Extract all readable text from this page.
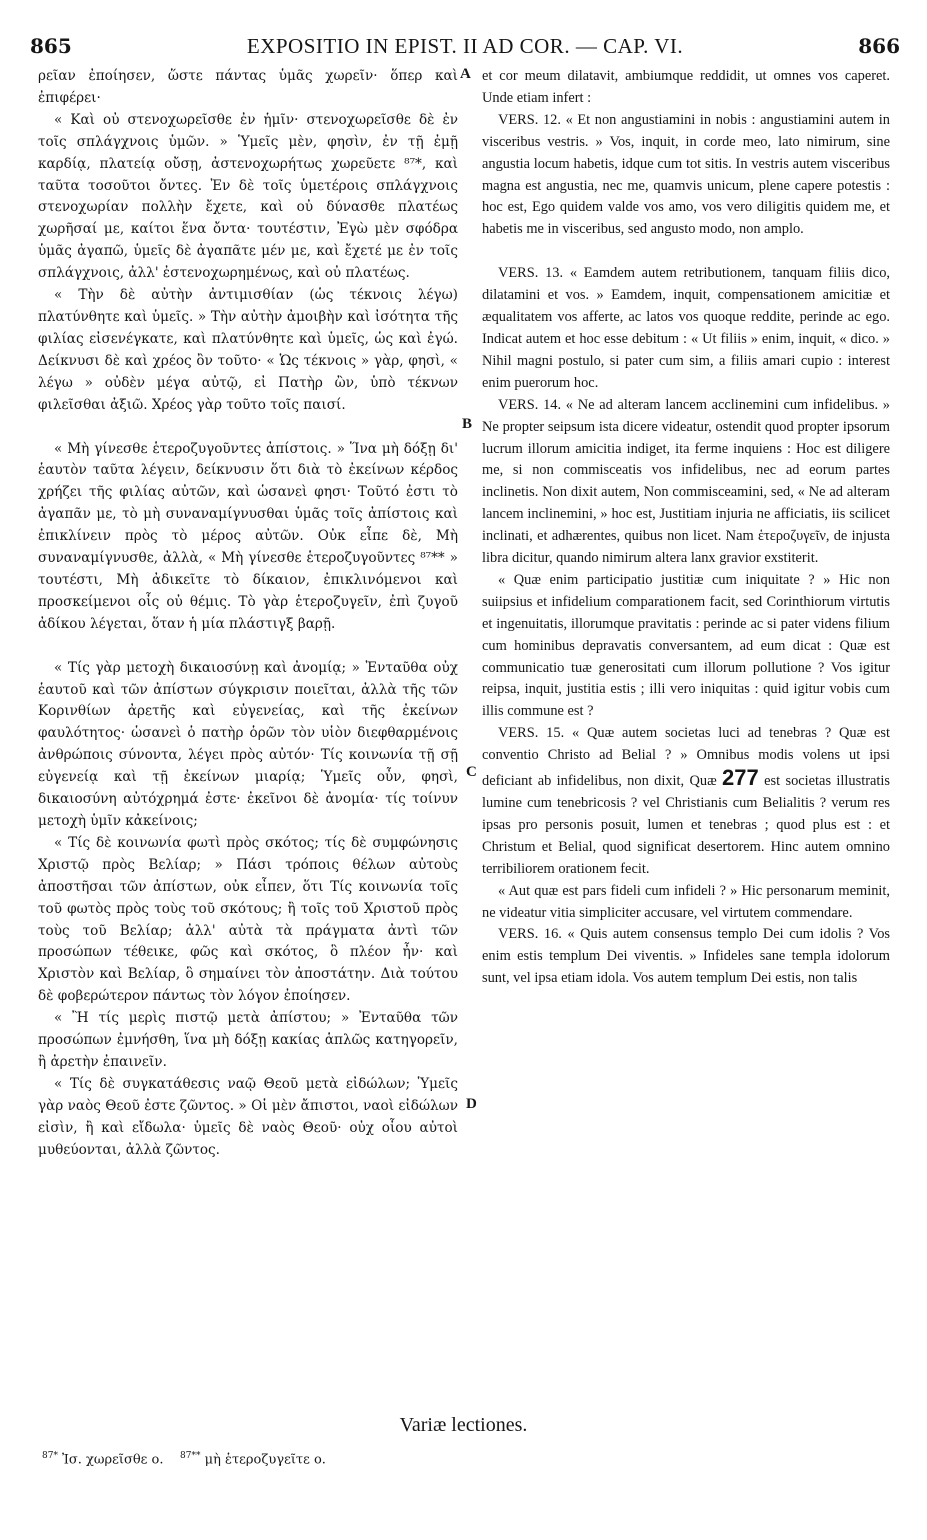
865	EXPOSITIO IN EPIST. II AD COR. — CAP. VI.	866

ρεῖαν ἐποίησεν, ὥστε πάντας ὑμᾶς χωρεῖν· ὅπερ καὶ ἐπιφέρει·

« Καὶ οὐ στενοχωρεῖσθε ἐν ἡμῖν· στενοχωρεῖσθε δὲ ἐν τοῖς σπλάγχνοις ὑμῶν. » Ὑμεῖς μὲν, φησὶν, ἐν τῇ ἐμῇ καρδίᾳ, πλατείᾳ οὔσῃ, ἀστενοχωρήτως χωρεῦετε ⁸⁷*, καὶ ταῦτα τοσοῦτοι ὄντες. Ἐν δὲ τοῖς ὑμετέροις σπλάγχνοις στενοχωρίαν πολλὴν ἔχετε, καὶ οὐ δύνασθε πλατέως χωρῆσαί με, καίτοι ἕνα ὄντα· τουτέστιν, Ἐγὼ μὲν σφόδρα ὑμᾶς ἀγαπῶ, ὑμεῖς δὲ ἀγαπᾶτε μέν με, καὶ ἔχετέ με ἐν τοῖς σπλάγχνοις, ἀλλ' ἐστενοχωρημένως, καὶ οὐ πλατέως.

« Τὴν δὲ αὐτὴν ἀντιμισθίαν (ὡς τέκνοις λέγω) πλατύνθητε καὶ ὑμεῖς. » Τὴν αὐτὴν ἀμοιβὴν καὶ ἰσότητα τῆς φιλίας εἰσενέγκατε, καὶ πλατύνθητε καὶ ὑμεῖς, ὡς καὶ ἐγώ. Δείκνυσι δὲ καὶ χρέος ὂν τοῦτο· « Ὡς τέκνοις » γὰρ, φησὶ, « λέγω » οὐδὲν μέγα αὐτῷ, εἰ Πατὴρ ὢν, ὑπὸ τέκνων φιλεῖσθαι ἀξιῶ. Χρέος γὰρ τοῦτο τοῖς παισί.

« Μὴ γίνεσθε ἑτεροζυγοῦντες ἀπίστοις. » Ἵνα μὴ δόξῃ δι' ἑαυτὸν ταῦτα λέγειν, δείκνυσιν ὅτι διὰ τὸ ἐκείνων κέρδος χρήζει τῆς φιλίας αὐτῶν, καὶ ὡσανεὶ φησι· Τοῦτό ἐστι τὸ ἀγαπᾶν με, τὸ μὴ συναναμίγνυσθαι ὑμᾶς τοῖς ἀπίστοις καὶ ἐπικλίνειν πρὸς τὸ μέρος αὐτῶν. Οὐκ εἶπε δὲ, Μὴ συναναμίγνυσθε, ἀλλὰ, « Μὴ γίνεσθε ἑτεροζυγοῦντες ⁸⁷** » τουτέστι, Μὴ ἀδικεῖτε τὸ δίκαιον, ἐπικλινόμενοι καὶ προσκείμενοι οἷς οὐ θέμις. Τὸ γὰρ ἑτεροζυγεῖν, ἐπὶ ζυγοῦ ἀδίκου λέγεται, ὅταν ἡ μία πλάστιγξ βαρῇ.

« Τίς γὰρ μετοχὴ δικαιοσύνῃ καὶ ἀνομίᾳ; » Ἐνταῦθα οὐχ ἑαυτοῦ καὶ τῶν ἀπίστων σύγκρισιν ποιεῖται, ἀλλὰ τῆς τῶν Κορινθίων ἀρετῆς καὶ εὐγενείας, καὶ τῆς ἐκείνων φαυλότητος· ὡσανεὶ ὁ πατὴρ ὁρῶν τὸν υἱὸν διεφθαρμένοις ἀνθρώποις σύνοντα, λέγει πρὸς αὐτόν· Τίς κοινωνία τῇ σῇ εὐγενείᾳ καὶ τῇ ἐκείνων μιαρίᾳ; Ὑμεῖς οὖν, φησὶ, δικαιοσύνη αὐτόχρημά ἐστε· ἐκεῖνοι δὲ ἀνομία· τίς τοίνυν μετοχὴ ὑμῖν κἀκείνοις;

« Τίς δὲ κοινωνία φωτὶ πρὸς σκότος; τίς δὲ συμφώνησις Χριστῷ πρὸς Βελίαρ; » Πάσι τρόποις θέλων αὐτοὺς ἀποστῆσαι τῶν ἀπίστων, οὐκ εἶπεν, ὅτι Τίς κοινωνία τοῖς τοῦ φωτὸς πρὸς τοὺς τοῦ σκότους; ἢ τοῖς τοῦ Χριστοῦ πρὸς τοὺς τοῦ Βελίαρ; ἀλλ' αὐτὰ τὰ πράγματα ἀντὶ τῶν προσώπων τέθεικε, φῶς καὶ σκότος, ὃ πλέον ἦν· καὶ Χριστὸν καὶ Βελίαρ, ὃ σημαίνει τὸν ἀποστάτην. Διὰ τούτου δὲ φοβερώτερον πάντως τὸν λόγον ἐποίησεν.

« Ἢ τίς μερὶς πιστῷ μετὰ ἀπίστου; » Ἐνταῦθα τῶν προσώπων ἐμνήσθη, ἵνα μὴ δόξῃ κακίας ἁπλῶς κατηγορεῖν, ἢ ἀρετὴν ἐπαινεῖν.

« Τίς δὲ συγκατάθεσις ναῷ Θεοῦ μετὰ εἰδώλων; Ὑμεῖς γὰρ ναὸς Θεοῦ ἐστε ζῶντος. » Οἱ μὲν ἄπιστοι, ναοὶ εἰδώλων εἰσὶν, ἢ καὶ εἴδωλα· ὑμεῖς δὲ ναὸς Θεοῦ· οὐχ οἷου αὐτοὶ μυθεύονται, ἀλλὰ ζῶντος.

A
B
C
D

et cor meum dilatavit, ambiumque reddidit, ut omnes vos caperet. Unde etiam infert :

VERS. 12. « Et non angustiamini in nobis : angustiamini autem in visceribus vestris. » Vos, inquit, in corde meo, lato nimirum, sine angustia locum habetis, idque cum tot sitis. In vestris autem visceribus magna est angustia, nec me, quamvis unicum, plene capere potestis : hoc est, Ego quidem valde vos amo, vos vero diligitis quidem me, et habetis me in visceribus, sed angusto modo, non amplo.

VERS. 13. « Eamdem autem retributionem, tanquam filiis dico, dilatamini et vos. » Eamdem, inquit, compensationem amicitiæ et æqualitatem vos afferte, ac latos vos quoque reddite, perinde ac ego. Indicat autem et hoc esse debitum : « Ut filiis » enim, inquit, « dico. » Nihil magni postulo, si pater cum sim, a filiis amari cupio : interest enim puerorum hoc.

VERS. 14. « Ne ad alteram lancem acclinemini cum infidelibus. » Ne propter seipsum ista dicere videatur, ostendit quod propter ipsorum lucrum illorum amicitia indiget, ita ferme inquiens : Hoc est diligere me, si non commisceatis vos infidelibus, nec ad eorum partes inclinetis. Non dixit autem, Non commisceamini, sed, « Ne ad alteram lancem inclinemini, » hoc est, Justitiam injuria ne afficiatis, iis scilicet inclinati, et adhærentes, quibus non licet. Nam ἑτεροζυγεῖν, de injusta libra dicitur, quando nimirum altera lanx gravior exstiterit.

« Quæ enim participatio justitiæ cum iniquitate ? » Hic non suiipsius et infidelium comparationem facit, sed Corinthiorum virtutis et ingenuitatis, illorumque pravitatis : perinde ac si pater videns filium cum hominibus depravatis conversantem, ad eum dicat : Quæ est communicatio tuæ generositati cum illorum pollutione ? Vos igitur reipsa, inquit, justitia estis ; illi vero iniquitas : quid igitur vobis cum illis commune est ?

VERS. 15. « Quæ autem societas luci ad tenebras ? Quæ est conventio Christo ad Belial ? » Omnibus modis volens ut ipsi deficiant ab infidelibus, non dixit, Quæ 277 est societas illustratis lumine cum tenebricosis ? vel Christianis cum Belialitis ? verum res ipsas pro personis posuit, lumen et tenebras ; quod plus est : et Christum et Belial, quod significat desertorem. Hinc autem omnino terribiliorem orationem fecit.

« Aut quæ est pars fideli cum infideli ? » Hic personarum meminit, ne videatur vitia simpliciter accusare, vel virtutem commendare.

VERS. 16. « Quis autem consensus templo Dei cum idolis ? Vos enim estis templum Dei viventis. » Infideles sane templa idolorum sunt, vel ipsa etiam idola. Vos autem templum Dei estis, non talis

Variæ lectiones.
$^{87*}$ Ἰσ. χωρεῖσθε ο. $^{87**}$ μὴ ἑτεροζυγεῖτε ο.
